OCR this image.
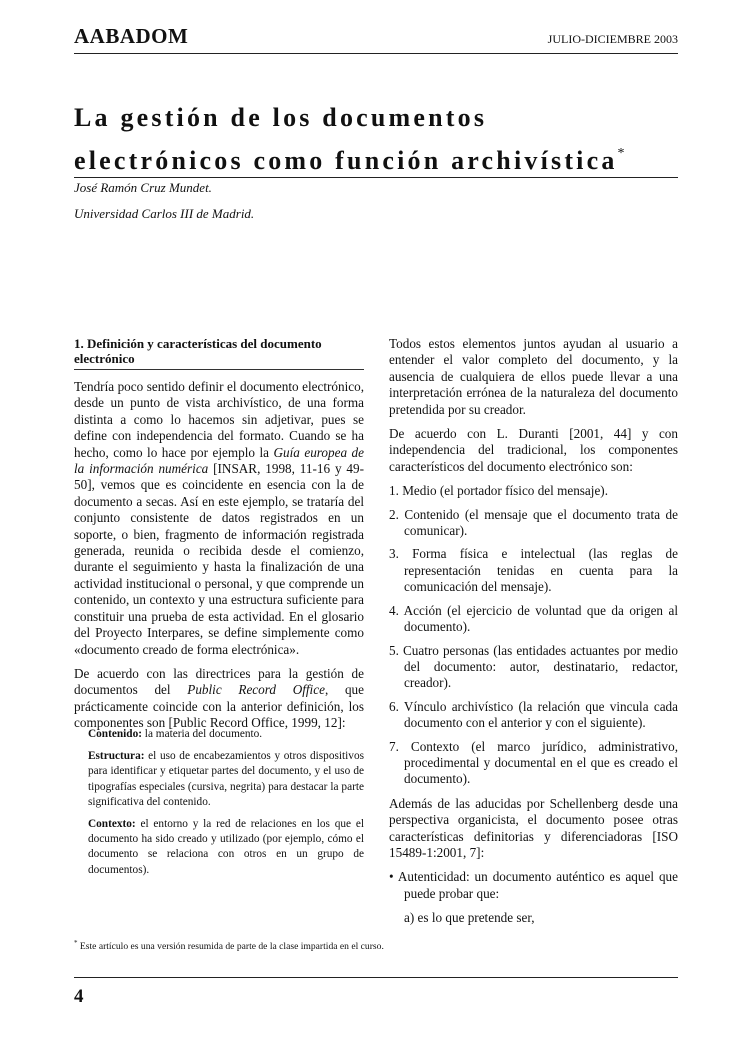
AABADOM	JULIO-DICIEMBRE 2003
La gestión de los documentos
electrónicos como función archivística*
José Ramón Cruz Mundet.
Universidad Carlos III de Madrid.

1. Definición y características del documento electrónico

Tendría poco sentido definir el documento electrónico, desde un punto de vista archivístico, de una forma distinta a como lo hacemos sin adjetivar, pues se define con independencia del formato. Cuando se ha hecho, como lo hace por ejemplo la Guía europea de la información numérica [INSAR, 1998, 11-16 y 49-50], vemos que es coincidente en esencia con la de documento a secas. Así en este ejemplo, se trataría del conjunto consistente de datos registrados en un soporte, o bien, fragmento de información registrada generada, reunida o recibida desde el comienzo, durante el seguimiento y hasta la finalización de una actividad institucional o personal, y que comprende un contenido, un contexto y una estructura suficiente para constituir una prueba de esta actividad. En el glosario del Proyecto Interpares, se define simplemente como «documento creado de forma electrónica».

De acuerdo con las directrices para la gestión de documentos del Public Record Office, que prácticamente coincide con la anterior definición, los componentes son [Public Record Office, 1999, 12]:

Contenido: la materia del documento.

Estructura: el uso de encabezamientos y otros dispositivos para identificar y etiquetar partes del documento, y el uso de tipografías especiales (cursiva, negrita) para destacar la parte significativa del contenido.

Contexto: el entorno y la red de relaciones en los que el documento ha sido creado y utilizado (por ejemplo, cómo el documento se relaciona con otros en un grupo de documentos).

Todos estos elementos juntos ayudan al usuario a entender el valor completo del documento, y la ausencia de cualquiera de ellos puede llevar a una interpretación errónea de la naturaleza del documento pretendida por su creador.

De acuerdo con L. Duranti [2001, 44] y con independencia del tradicional, los componentes característicos del documento electrónico son:

1. Medio (el portador físico del mensaje).
2. Contenido (el mensaje que el documento trata de comunicar).
3. Forma física e intelectual (las reglas de representación tenidas en cuenta para la comunicación del mensaje).
4. Acción (el ejercicio de voluntad que da origen al documento).
5. Cuatro personas (las entidades actuantes por medio del documento: autor, destinatario, redactor, creador).
6. Vínculo archivístico (la relación que vincula cada documento con el anterior y con el siguiente).
7. Contexto (el marco jurídico, administrativo, procedimental y documental en el que es creado el documento).

Además de las aducidas por Schellenberg desde una perspectiva organicista, el documento posee otras características definitorias y diferenciadoras [ISO 15489-1:2001, 7]:

• Autenticidad: un documento auténtico es aquel que puede probar que:

a) es lo que pretende ser,

* Este artículo es una versión resumida de parte de la clase impartida en el curso.
4
